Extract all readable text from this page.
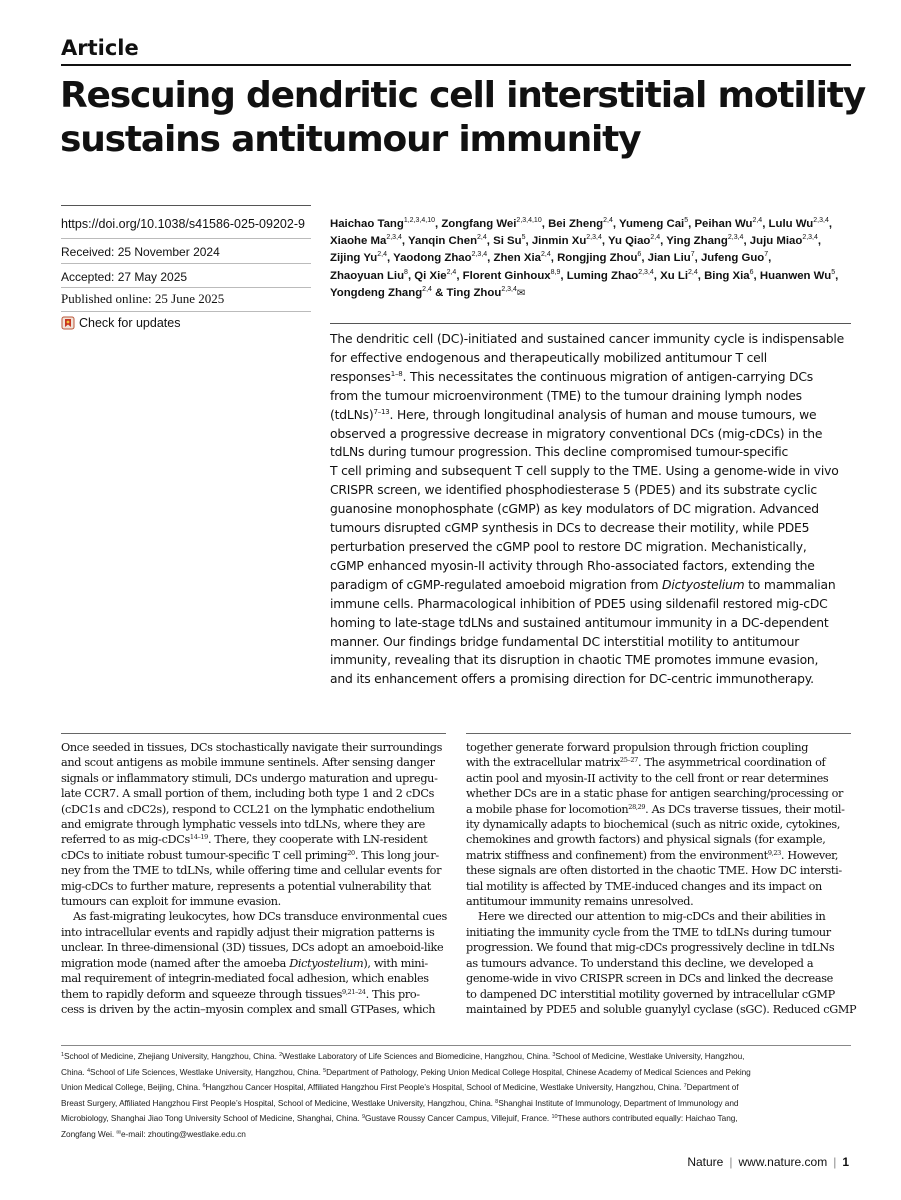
Article
Rescuing dendritic cell interstitial motility
sustains antitumour immunity
https://doi.org/10.1038/s41586-025-09202-9
Received: 25 November 2024
Accepted: 27 May 2025
Published online: 25 June 2025
Check for updates
Haichao Tang$^{1,2,3,4,10}$, Zongfang Wei$^{2,3,4,10}$, Bei Zheng$^{2,4}$, Yumeng Cai$^5$, Peihan Wu$^{2,4}$, Lulu Wu$^{2,3,4}$,
Xiaohe Ma$^{2,3,4}$, Yanqin Chen$^{2,4}$, Si Su$^5$, Jinmin Xu$^{2,3,4}$, Yu Qiao$^{2,4}$, Ying Zhang$^{2,3,4}$, Juju Miao$^{2,3,4}$,
Zijing Yu$^{2,4}$, Yaodong Zhao$^{2,3,4}$, Zhen Xia$^{2,4}$, Rongjing Zhou$^6$, Jian Liu$^7$, Jufeng Guo$^7$,
Zhaoyuan Liu$^8$, Qi Xie$^{2,4}$, Florent Ginhoux$^{8,9}$, Luming Zhao$^{2,3,4}$, Xu Li$^{2,4}$, Bing Xia$^6$, Huanwen Wu$^5$,
Yongdeng Zhang$^{2,4}$ & Ting Zhou$^{2,3,4}$✉
The dendritic cell (DC)-initiated and sustained cancer immunity cycle is indispensable
for effective endogenous and therapeutically mobilized antitumour T cell
responses$^{1-8}$. This necessitates the continuous migration of antigen-carrying DCs
from the tumour microenvironment (TME) to the tumour draining lymph nodes
(tdLNs)$^{7-13}$. Here, through longitudinal analysis of human and mouse tumours, we
observed a progressive decrease in migratory conventional DCs (mig-cDCs) in the
tdLNs during tumour progression. This decline compromised tumour-specific
T cell priming and subsequent T cell supply to the TME. Using a genome-wide in vivo
CRISPR screen, we identified phosphodiesterase 5 (PDE5) and its substrate cyclic
guanosine monophosphate (cGMP) as key modulators of DC migration. Advanced
tumours disrupted cGMP synthesis in DCs to decrease their motility, while PDE5
perturbation preserved the cGMP pool to restore DC migration. Mechanistically,
cGMP enhanced myosin-II activity through Rho-associated factors, extending the
paradigm of cGMP-regulated amoeboid migration from Dictyostelium to mammalian
immune cells. Pharmacological inhibition of PDE5 using sildenafil restored mig-cDC
homing to late-stage tdLNs and sustained antitumour immunity in a DC-dependent
manner. Our findings bridge fundamental DC interstitial motility to antitumour
immunity, revealing that its disruption in chaotic TME promotes immune evasion,
and its enhancement offers a promising direction for DC-centric immunotherapy.
Once seeded in tissues, DCs stochastically navigate their surroundings
and scout antigens as mobile immune sentinels. After sensing danger
signals or inflammatory stimuli, DCs undergo maturation and upregu-
late CCR7. A small portion of them, including both type 1 and 2 cDCs
(cDC1s and cDC2s), respond to CCL21 on the lymphatic endothelium
and emigrate through lymphatic vessels into tdLNs, where they are
referred to as mig-cDCs$^{14-19}$. There, they cooperate with LN-resident
cDCs to initiate robust tumour-specific T cell priming$^{20}$. This long jour-
ney from the TME to tdLNs, while offering time and cellular events for
mig-cDCs to further mature, represents a potential vulnerability that
tumours can exploit for immune evasion.
As fast-migrating leukocytes, how DCs transduce environmental cues
into intracellular events and rapidly adjust their migration patterns is
unclear. In three-dimensional (3D) tissues, DCs adopt an amoeboid-like
migration mode (named after the amoeba Dictyostelium), with mini-
mal requirement of integrin-mediated focal adhesion, which enables
them to rapidly deform and squeeze through tissues$^{9,21-24}$. This pro-
cess is driven by the actin–myosin complex and small GTPases, which
together generate forward propulsion through friction coupling
with the extracellular matrix$^{25-27}$. The asymmetrical coordination of
actin pool and myosin-II activity to the cell front or rear determines
whether DCs are in a static phase for antigen searching/processing or
a mobile phase for locomotion$^{28,29}$. As DCs traverse tissues, their motil-
ity dynamically adapts to biochemical (such as nitric oxide, cytokines,
chemokines and growth factors) and physical signals (for example,
matrix stiffness and confinement) from the environment$^{9,23}$. However,
these signals are often distorted in the chaotic TME. How DC intersti-
tial motility is affected by TME-induced changes and its impact on
antitumour immunity remains unresolved.
Here we directed our attention to mig-cDCs and their abilities in
initiating the immunity cycle from the TME to tdLNs during tumour
progression. We found that mig-cDCs progressively decline in tdLNs
as tumours advance. To understand this decline, we developed a
genome-wide in vivo CRISPR screen in DCs and linked the decrease
to dampened DC interstitial motility governed by intracellular cGMP
maintained by PDE5 and soluble guanylyl cyclase (sGC). Reduced cGMP
$^1$School of Medicine, Zhejiang University, Hangzhou, China. $^2$Westlake Laboratory of Life Sciences and Biomedicine, Hangzhou, China. $^3$School of Medicine, Westlake University, Hangzhou,
China. $^4$School of Life Sciences, Westlake University, Hangzhou, China. $^5$Department of Pathology, Peking Union Medical College Hospital, Chinese Academy of Medical Sciences and Peking
Union Medical College, Beijing, China. $^6$Hangzhou Cancer Hospital, Affiliated Hangzhou First People’s Hospital, School of Medicine, Westlake University, Hangzhou, China. $^7$Department of
Breast Surgery, Affiliated Hangzhou First People’s Hospital, School of Medicine, Westlake University, Hangzhou, China. $^8$Shanghai Institute of Immunology, Department of Immunology and
Microbiology, Shanghai Jiao Tong University School of Medicine, Shanghai, China. $^9$Gustave Roussy Cancer Campus, Villejuif, France. $^{10}$These authors contributed equally: Haichao Tang,
Zongfang Wei. ✉e-mail: zhouting@westlake.edu.cn
Nature | www.nature.com | 1
